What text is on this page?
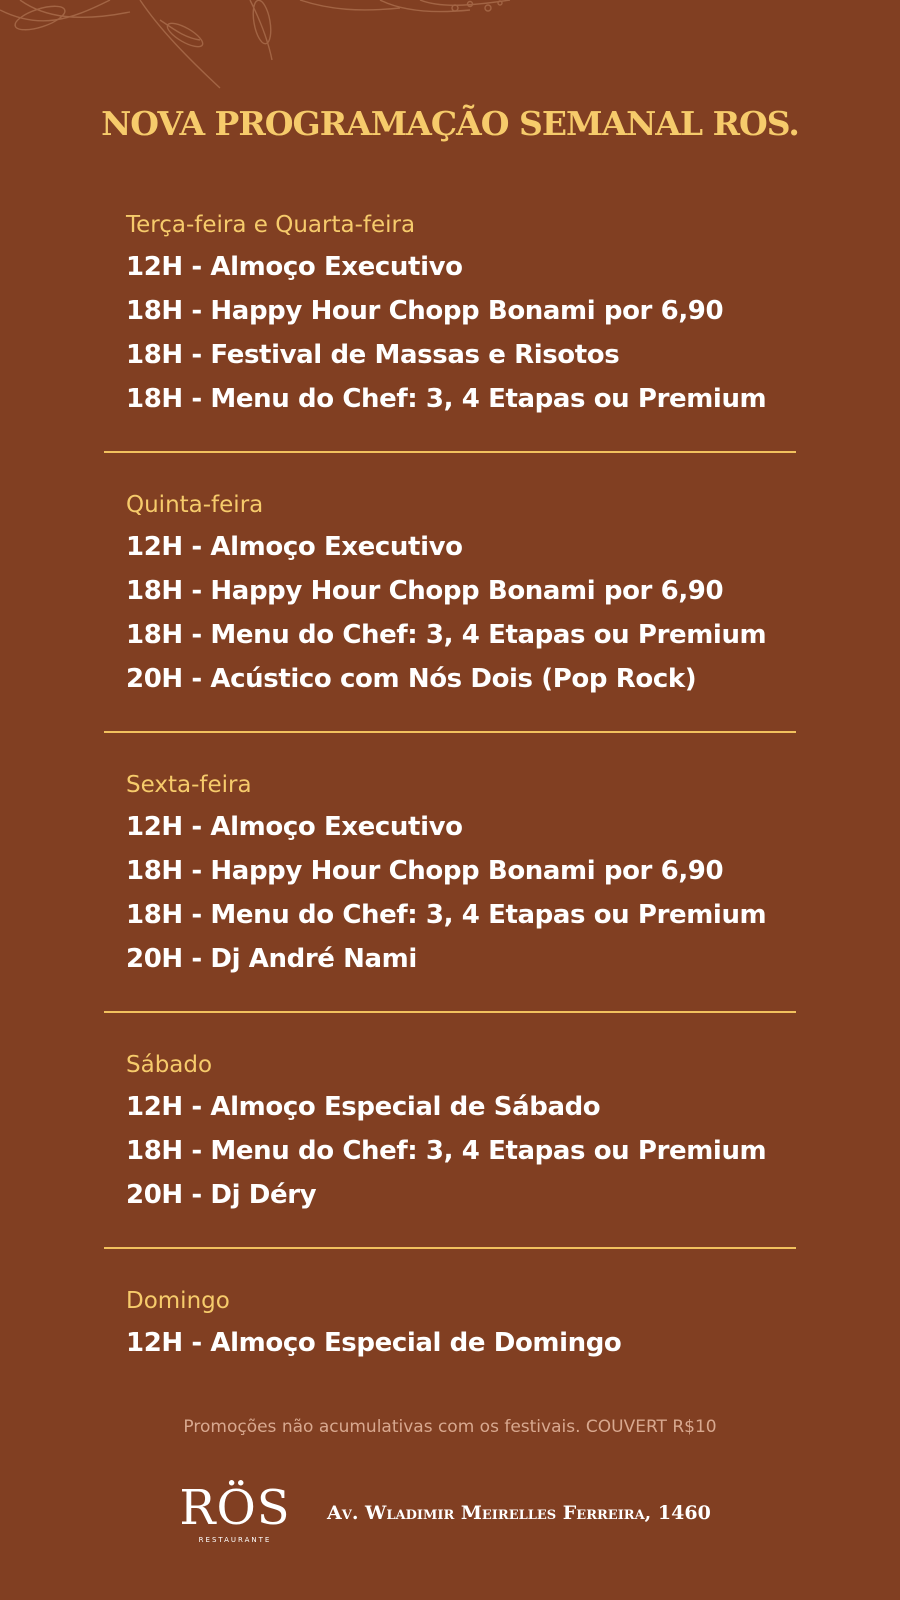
NOVA PROGRAMAÇÃO SEMANAL ROS.
Terça-feira e Quarta-feira
12H - Almoço Executivo
18H - Happy Hour Chopp Bonami por 6,90
18H - Festival de Massas e Risotos
18H - Menu do Chef: 3, 4 Etapas ou Premium
Quinta-feira
12H - Almoço Executivo
18H - Happy Hour Chopp Bonami por 6,90
18H - Menu do Chef: 3, 4 Etapas ou Premium
20H - Acústico com Nós Dois (Pop Rock)
Sexta-feira
12H - Almoço Executivo
18H - Happy Hour Chopp Bonami por 6,90
18H - Menu do Chef: 3, 4 Etapas ou Premium
20H - Dj André Nami
Sábado
12H - Almoço Especial de Sábado
18H - Menu do Chef: 3, 4 Etapas ou Premium
20H - Dj Déry
Domingo
12H - Almoço Especial de Domingo
Promoções não acumulativas com os festivais. COUVERT R$10
RÖS
RESTAURANTE
Av. Wladimir Meirelles Ferreira, 1460
